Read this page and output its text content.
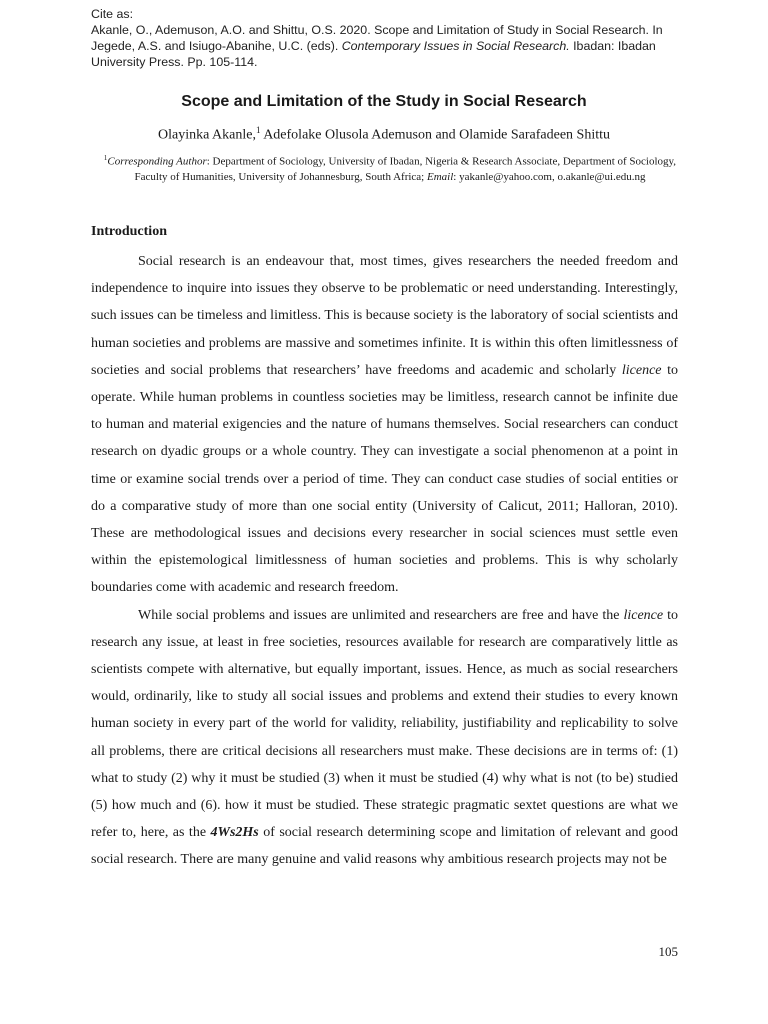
Cite as:

Akanle, O., Ademuson, A.O. and Shittu, O.S. 2020. Scope and Limitation of Study in Social Research. In Jegede, A.S. and Isiugo-Abanihe, U.C. (eds). Contemporary Issues in Social Research. Ibadan: Ibadan University Press. Pp. 105-114.

Scope and Limitation of the Study in Social Research

Olayinka Akanle,$^1$ Adefolake Olusola Ademuson and Olamide Sarafadeen Shittu

$^1$Corresponding Author: Department of Sociology, University of Ibadan, Nigeria & Research Associate, Department of Sociology, Faculty of Humanities, University of Johannesburg, South Africa; Email: yakanle@yahoo.com, o.akanle@ui.edu.ng

Introduction

Social research is an endeavour that, most times, gives researchers the needed freedom and independence to inquire into issues they observe to be problematic or need understanding. Interestingly, such issues can be timeless and limitless. This is because society is the laboratory of social scientists and human societies and problems are massive and sometimes infinite. It is within this often limitlessness of societies and social problems that researchers’ have freedoms and academic and scholarly licence to operate. While human problems in countless societies may be limitless, research cannot be infinite due to human and material exigencies and the nature of humans themselves. Social researchers can conduct research on dyadic groups or a whole country. They can investigate a social phenomenon at a point in time or examine social trends over a period of time. They can conduct case studies of social entities or do a comparative study of more than one social entity (University of Calicut, 2011; Halloran, 2010). These are methodological issues and decisions every researcher in social sciences must settle even within the epistemological limitlessness of human societies and problems. This is why scholarly boundaries come with academic and research freedom.

While social problems and issues are unlimited and researchers are free and have the licence to research any issue, at least in free societies, resources available for research are comparatively little as scientists compete with alternative, but equally important, issues. Hence, as much as social researchers would, ordinarily, like to study all social issues and problems and extend their studies to every known human society in every part of the world for validity, reliability, justifiability and replicability to solve all problems, there are critical decisions all researchers must make. These decisions are in terms of: (1) what to study (2) why it must be studied (3) when it must be studied (4) why what is not (to be) studied (5) how much and (6). how it must be studied. These strategic pragmatic sextet questions are what we refer to, here, as the 4Ws2Hs of social research determining scope and limitation of relevant and good social research. There are many genuine and valid reasons why ambitious research projects may not be

105
